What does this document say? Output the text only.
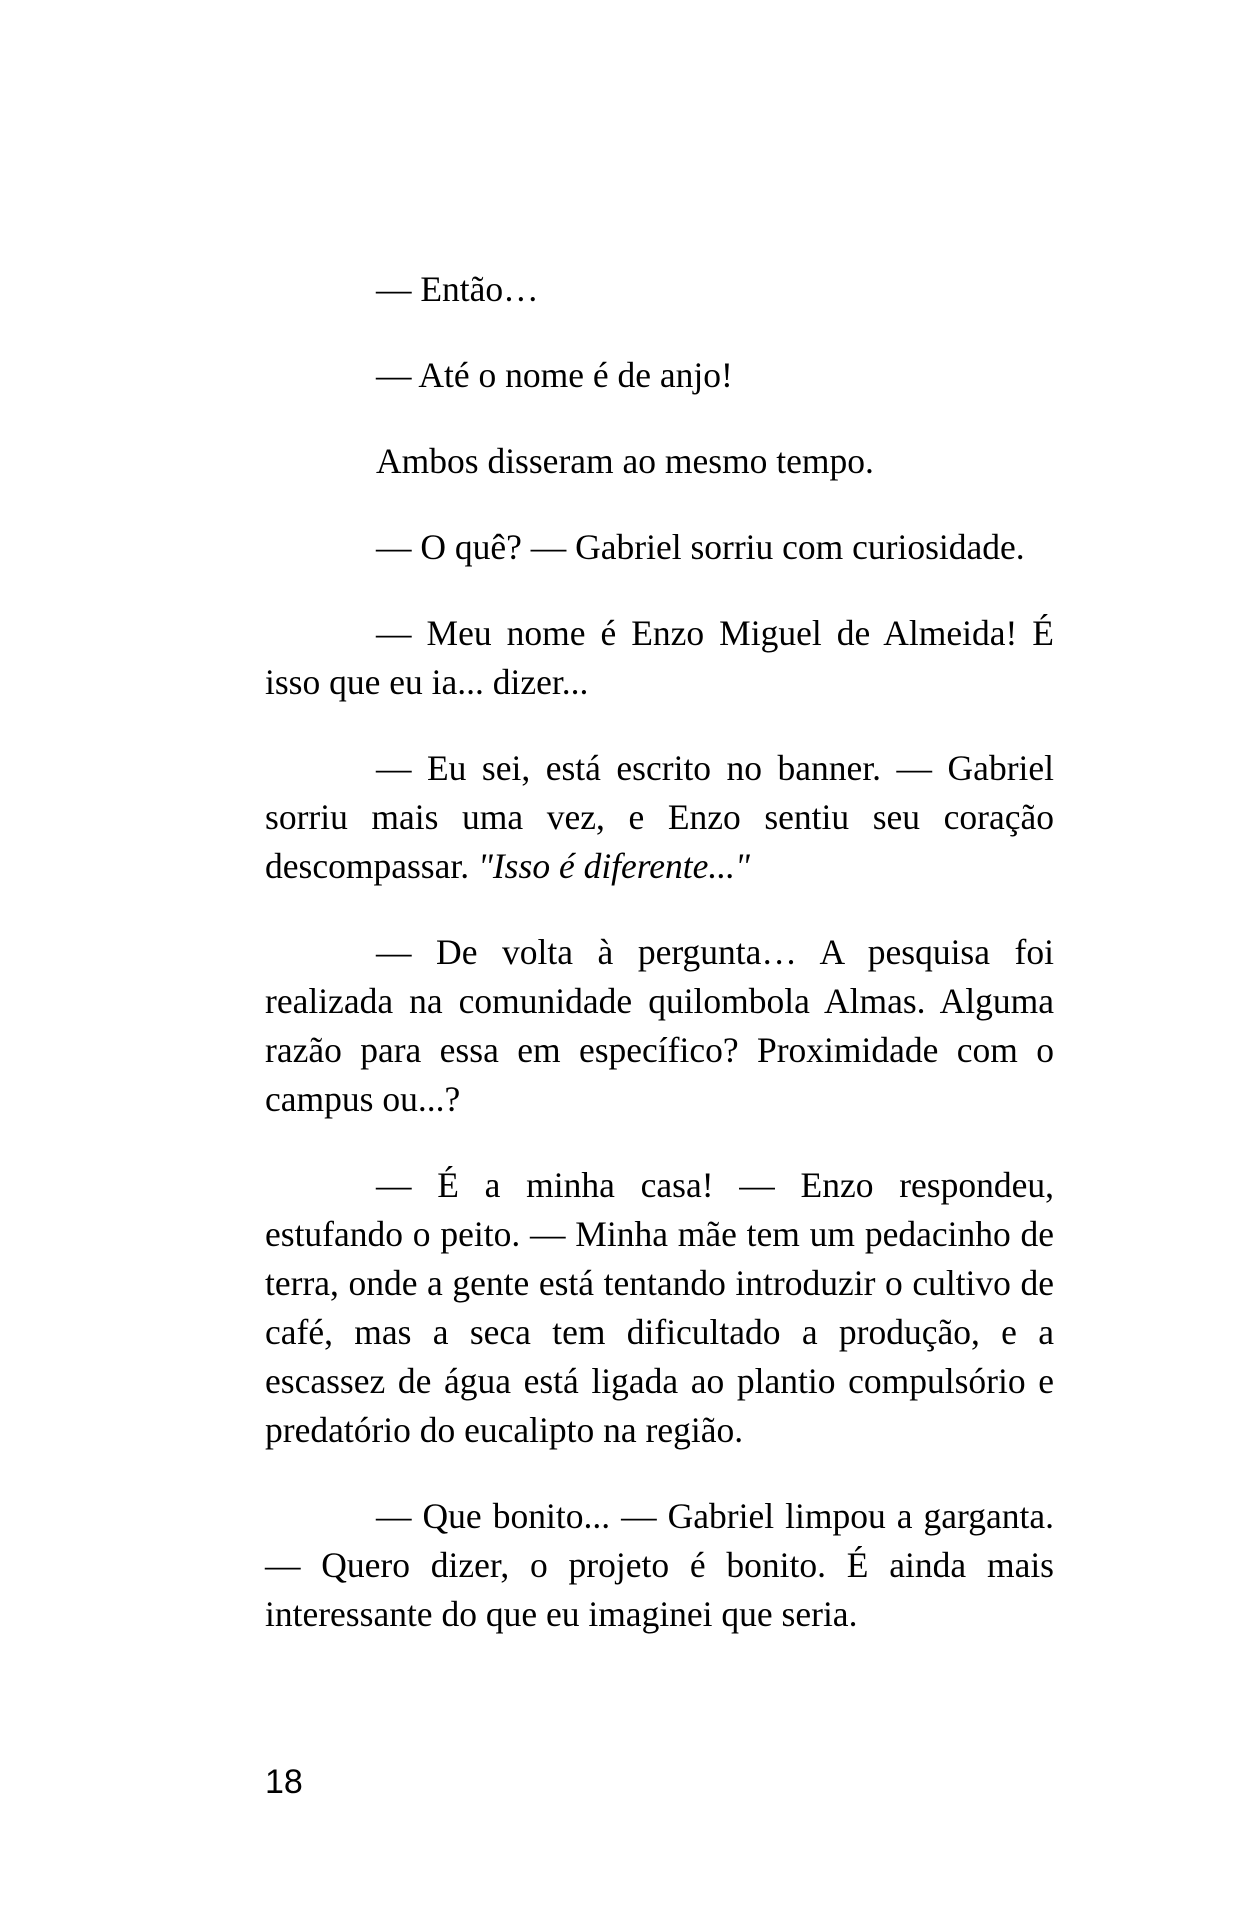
— Então…

— Até o nome é de anjo!

Ambos disseram ao mesmo tempo.

— O quê? — Gabriel sorriu com curiosidade.

— Meu nome é Enzo Miguel de Almeida! É isso que eu ia... dizer...

— Eu sei, está escrito no banner. — Gabriel sorriu mais uma vez, e Enzo sentiu seu coração descompassar. "Isso é diferente..."

— De volta à pergunta… A pesquisa foi realizada na comunidade quilombola Almas. Alguma razão para essa em específico? Proximidade com o campus ou...?

— É a minha casa! — Enzo respondeu, estufando o peito. — Minha mãe tem um pedacinho de terra, onde a gente está tentando introduzir o cultivo de café, mas a seca tem dificultado a produção, e a escassez de água está ligada ao plantio compulsório e predatório do eucalipto na região.

— Que bonito... — Gabriel limpou a garganta. — Quero dizer, o projeto é bonito. É ainda mais interessante do que eu imaginei que seria.

18
